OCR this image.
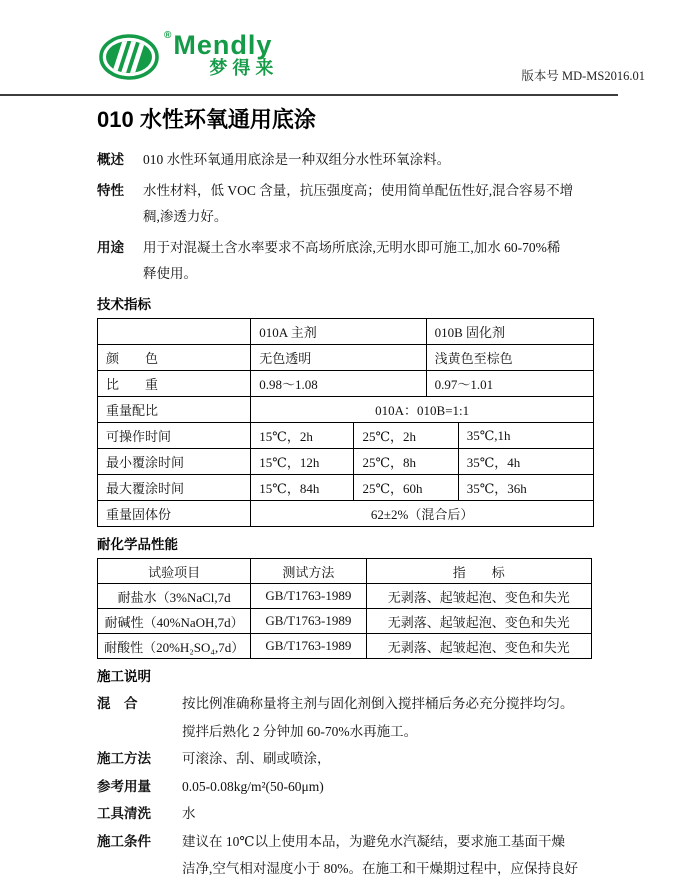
® Mendly
梦得来	版本号 MD-MS2016.01
010 水性环氧通用底涂
概述	010 水性环氧通用底涂是一种双组分水性环氧涂料。
特性	水性材料，低 VOC 含量，抗压强度高；使用简单配伍性好,混合容易不增
稠,渗透力好。
用途	用于对混凝土含水率要求不高场所底涂,无明水即可施工,加水 60-70%稀
释使用。
技术指标
	010A 主剂		010B 固化剂	
颜　　色	无色透明		浅黄色至棕色	
比　　重	0.98～1.08		0.97～1.01	
重量配比	010A：010B=1:1			
可操作时间	15℃，2h	25℃，2h		35℃,1h
最小覆涂时间	15℃，12h	25℃，8h		35℃，4h
最大覆涂时间	15℃，84h	25℃，60h		35℃，36h
重量固体份	62±2%（混合后）			
耐化学品性能
试验项目	测试方法	指　　标
耐盐水（3%NaCl,7d	GB/T1763-1989	无剥落、起皱起泡、变色和失光
耐碱性（40%NaOH,7d）	GB/T1763-1989	无剥落、起皱起泡、变色和失光
耐酸性（20%H₂SO₄,7d）	GB/T1763-1989	无剥落、起皱起泡、变色和失光
施工说明
混　合	按比例准确称量将主剂与固化剂倒入搅拌桶后务必充分搅拌均匀。
搅拌后熟化 2 分钟加 60-70%水再施工。
施工方法	可滚涂、刮、刷或喷涂，
参考用量	0.05-0.08kg/m²(50-60μm)
工具清洗	水
施工条件	建议在 10℃以上使用本品，为避免水汽凝结，要求施工基面干燥
洁净,空气相对湿度小于 80%。在施工和干燥期过程中，应保持良好
